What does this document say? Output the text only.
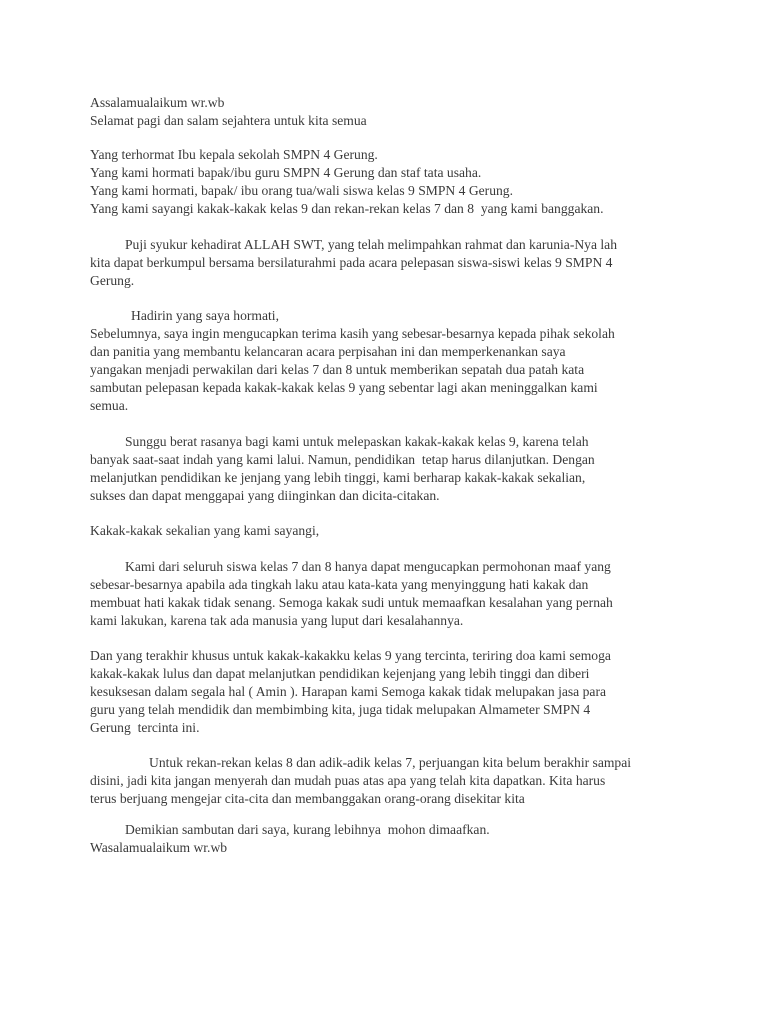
Assalamualaikum wr.wb
Selamat pagi dan salam sejahtera untuk kita semua
Yang terhormat Ibu kepala sekolah SMPN 4 Gerung.
Yang kami hormati bapak/ibu guru SMPN 4 Gerung dan staf tata usaha.
Yang kami hormati, bapak/ ibu orang tua/wali siswa kelas 9 SMPN 4 Gerung.
Yang kami sayangi kakak-kakak kelas 9 dan rekan-rekan kelas 7 dan 8  yang kami banggakan.
Puji syukur kehadirat ALLAH SWT, yang telah melimpahkan rahmat dan karunia-Nya lah
kita dapat berkumpul bersama bersilaturahmi pada acara pelepasan siswa-siswi kelas 9 SMPN 4
Gerung.
Hadirin yang saya hormati,
Sebelumnya, saya ingin mengucapkan terima kasih yang sebesar-besarnya kepada pihak sekolah
dan panitia yang membantu kelancaran acara perpisahan ini dan memperkenankan saya
yangakan menjadi perwakilan dari kelas 7 dan 8 untuk memberikan sepatah dua patah kata
sambutan pelepasan kepada kakak-kakak kelas 9 yang sebentar lagi akan meninggalkan kami
semua.
Sunggu berat rasanya bagi kami untuk melepaskan kakak-kakak kelas 9, karena telah
banyak saat-saat indah yang kami lalui. Namun, pendidikan  tetap harus dilanjutkan. Dengan
melanjutkan pendidikan ke jenjang yang lebih tinggi, kami berharap kakak-kakak sekalian,
sukses dan dapat menggapai yang diinginkan dan dicita-citakan.
Kakak-kakak sekalian yang kami sayangi,
Kami dari seluruh siswa kelas 7 dan 8 hanya dapat mengucapkan permohonan maaf yang
sebesar-besarnya apabila ada tingkah laku atau kata-kata yang menyinggung hati kakak dan
membuat hati kakak tidak senang. Semoga kakak sudi untuk memaafkan kesalahan yang pernah
kami lakukan, karena tak ada manusia yang luput dari kesalahannya.
Dan yang terakhir khusus untuk kakak-kakakku kelas 9 yang tercinta, teriring doa kami semoga
kakak-kakak lulus dan dapat melanjutkan pendidikan kejenjang yang lebih tinggi dan diberi
kesuksesan dalam segala hal ( Amin ). Harapan kami Semoga kakak tidak melupakan jasa para
guru yang telah mendidik dan membimbing kita, juga tidak melupakan Almameter SMPN 4
Gerung  tercinta ini.
Untuk rekan-rekan kelas 8 dan adik-adik kelas 7, perjuangan kita belum berakhir sampai
disini, jadi kita jangan menyerah dan mudah puas atas apa yang telah kita dapatkan. Kita harus
terus berjuang mengejar cita-cita dan membanggakan orang-orang disekitar kita
Demikian sambutan dari saya, kurang lebihnya  mohon dimaafkan.
Wasalamualaikum wr.wb
